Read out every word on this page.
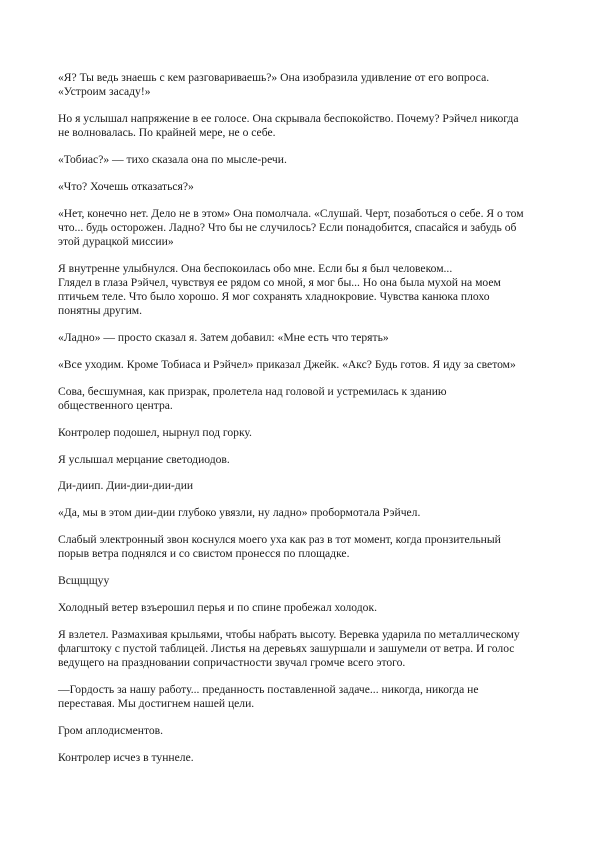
«Я? Ты ведь знаешь с кем разговариваешь?» Она изобразила удивление от его вопроса.
«Устроим засаду!»

Но я услышал напряжение в ее голосе. Она скрывала беспокойство. Почему? Рэйчел никогда
не волновалась. По крайней мере, не о себе.

«Тобиас?» — тихо сказала она по мысле-речи.

«Что? Хочешь отказаться?»

«Нет, конечно нет. Дело не в этом» Она помолчала. «Слушай. Черт, позаботься о себе. Я о том
что... будь осторожен. Ладно? Что бы не случилось? Если понадобится, спасайся и забудь об
этой дурацкой миссии»

Я внутренне улыбнулся. Она беспокоилась обо мне. Если бы я был человеком...
Глядел в глаза Рэйчел, чувствуя ее рядом со мной, я мог бы... Но она была мухой на моем
птичьем теле. Что было хорошо. Я мог сохранять хладнокровие. Чувства канюка плохо
понятны другим.

«Ладно» — просто сказал я. Затем добавил: «Мне есть что терять»

«Все уходим. Кроме Тобиаса и Рэйчел» приказал Джейк. «Акс? Будь готов. Я иду за светом»

Сова, бесшумная, как призрак, пролетела над головой и устремилась к зданию
общественного центра.

Контролер подошел, нырнул под горку.

Я услышал мерцание светодиодов.

Ди-диип. Дии-дии-дии-дии

«Да, мы в этом дии-дии глубоко увязли, ну ладно» пробормотала Рэйчел.

Слабый электронный звон коснулся моего уха как раз в тот момент, когда пронзительный
порыв ветра поднялся и со свистом пронесся по площадке.

Всщщщуу

Холодный ветер взъерошил перья и по спине пробежал холодок.

Я взлетел. Размахивая крыльями, чтобы набрать высоту. Веревка ударила по металлическому
флагштоку с пустой таблицей. Листья на деревьях зашуршали и зашумели от ветра. И голос
ведущего на праздновании сопричастности звучал громче всего этого.

—Гордость за нашу работу... преданность поставленной задаче... никогда, никогда не
переставая. Мы достигнем нашей цели.

Гром аплодисментов.

Контролер исчез в туннеле.
